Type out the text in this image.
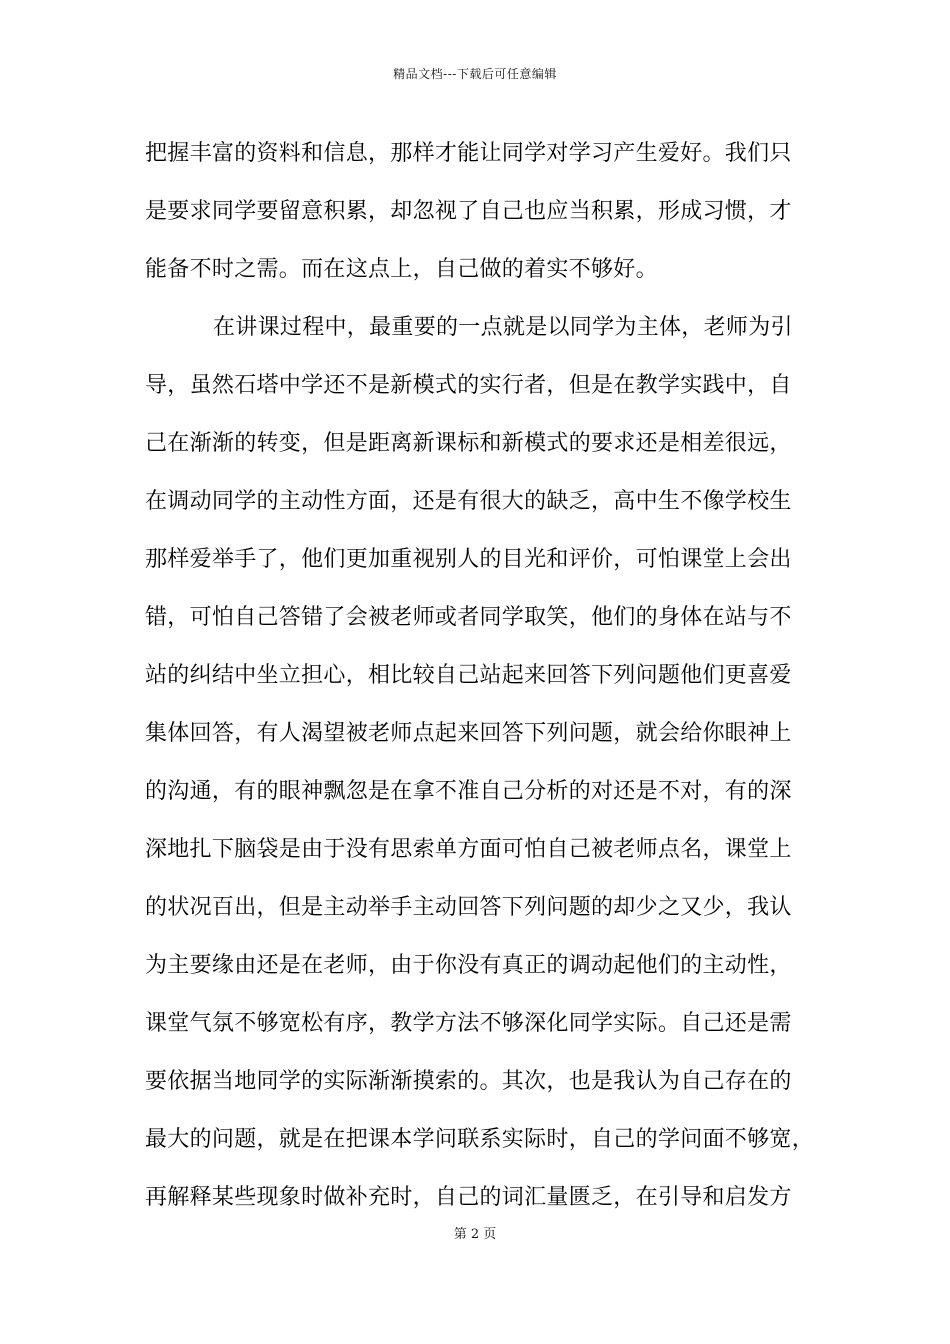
精品文档---下载后可任意编辑
把握丰富的资料和信息，那样才能让同学对学习产生爱好。我们只
是要求同学要留意积累，却忽视了自己也应当积累，形成习惯，才
能备不时之需。而在这点上，自己做的着实不够好。
在讲课过程中，最重要的一点就是以同学为主体，老师为引
导，虽然石塔中学还不是新模式的实行者，但是在教学实践中，自
己在渐渐的转变，但是距离新课标和新模式的要求还是相差很远，
在调动同学的主动性方面，还是有很大的缺乏，高中生不像学校生
那样爱举手了，他们更加重视别人的目光和评价，可怕课堂上会出
错，可怕自己答错了会被老师或者同学取笑，他们的身体在站与不
站的纠结中坐立担心，相比较自己站起来回答下列问题他们更喜爱
集体回答，有人渴望被老师点起来回答下列问题，就会给你眼神上
的沟通，有的眼神飘忽是在拿不准自己分析的对还是不对，有的深
深地扎下脑袋是由于没有思索单方面可怕自己被老师点名，课堂上
的状况百出，但是主动举手主动回答下列问题的却少之又少，我认
为主要缘由还是在老师，由于你没有真正的调动起他们的主动性，
课堂气氛不够宽松有序，教学方法不够深化同学实际。自己还是需
要依据当地同学的实际渐渐摸索的。其次，也是我认为自己存在的
最大的问题，就是在把课本学问联系实际时，自己的学问面不够宽，
再解释某些现象时做补充时，自己的词汇量匮乏，在引导和启发方
第 2 页
